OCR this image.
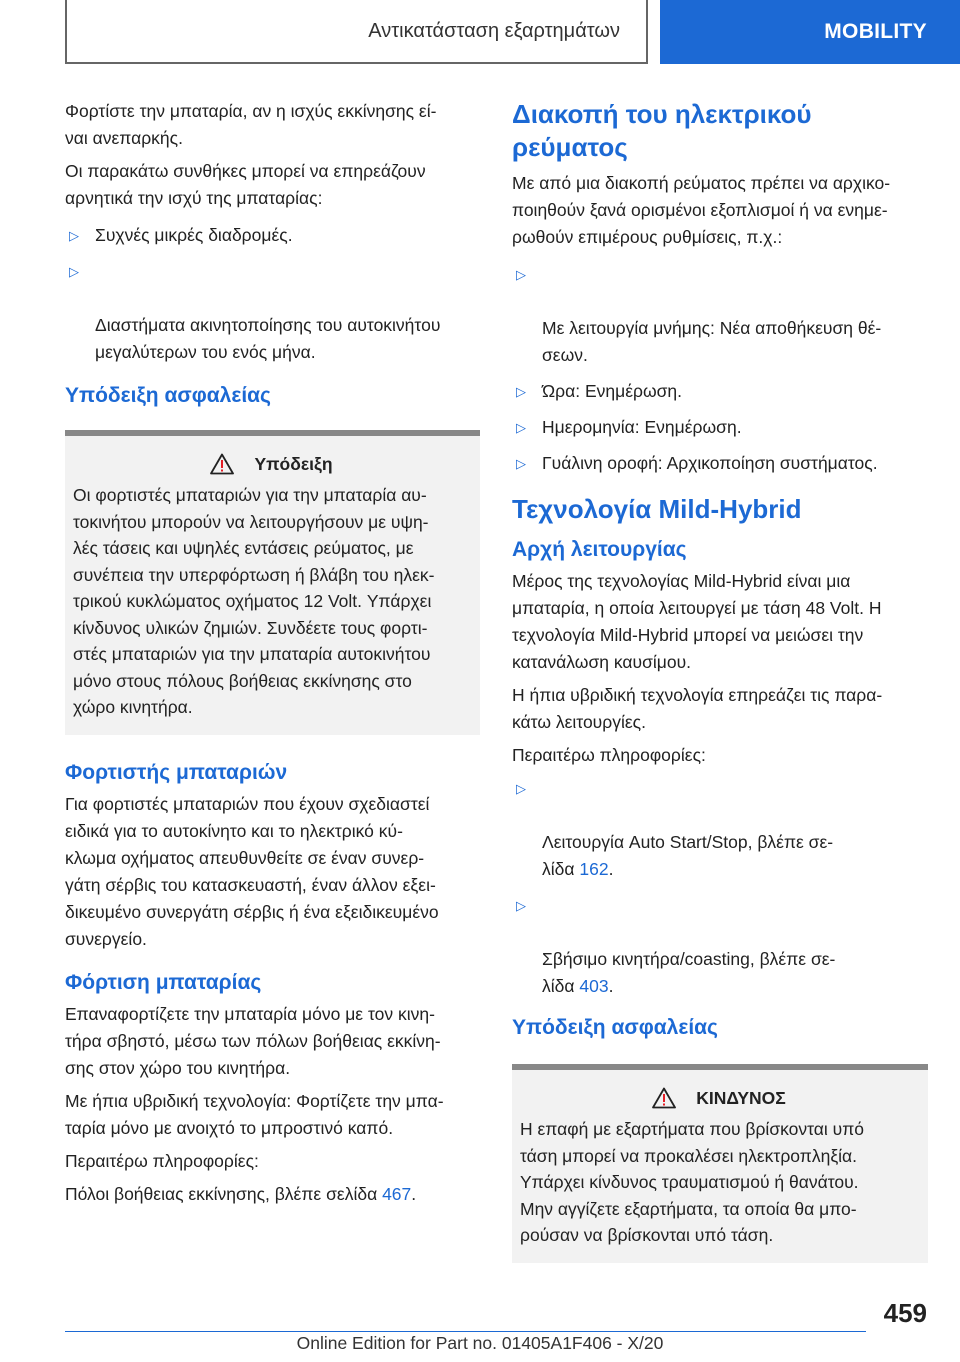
Αντικατάσταση εξαρτημάτων	MOBILITY

Φορτίστε την μπαταρία, αν η ισχύς εκκίνησης εί-
ναι ανεπαρκής.

Οι παρακάτω συνθήκες μπορεί να επηρεάζουν
αρνητικά την ισχύ της μπαταρίας:

▷ Συχνές μικρές διαδρομές.

▷

Διαστήματα ακινητοποίησης του αυτοκινήτου
μεγαλύτερων του ενός μήνα.

Υπόδειξη ασφαλείας
Υπόδειξη

Οι φορτιστές μπαταριών για την μπαταρία αυ-
τοκινήτου μπορούν να λειτουργήσουν με υψη-
λές τάσεις και υψηλές εντάσεις ρεύματος, με
συνέπεια την υπερφόρτωση ή βλάβη του ηλεκ-
τρικού κυκλώματος οχήματος 12 Volt. Υπάρχει
κίνδυνος υλικών ζημιών. Συνδέετε τους φορτι-
στές μπαταριών για την μπαταρία αυτοκινήτου
μόνο στους πόλους βοήθειας εκκίνησης στο
χώρο κινητήρα.

Φορτιστής μπαταριών

Για φορτιστές μπαταριών που έχουν σχεδιαστεί
ειδικά για το αυτοκίνητο και το ηλεκτρικό κύ-
κλωμα οχήματος απευθυνθείτε σε έναν συνερ-
γάτη σέρβις του κατασκευαστή, έναν άλλον εξει-
δικευμένο συνεργάτη σέρβις ή ένα εξειδικευμένο
συνεργείο.

Φόρτιση μπαταρίας

Επαναφορτίζετε την μπαταρία μόνο με τον κινη-
τήρα σβηστό, μέσω των πόλων βοήθειας εκκίνη-
σης στον χώρο του κινητήρα.

Με ήπια υβριδική τεχνολογία: Φορτίζετε την μπα-
ταρία μόνο με ανοιχτό το μπροστινό καπό.

Περαιτέρω πληροφορίες:

Πόλοι βοήθειας εκκίνησης, βλέπε σελίδα 467.

Διακοπή του ηλεκτρικού
ρεύματος

Με από μια διακοπή ρεύματος πρέπει να αρχικο-
ποιηθούν ξανά ορισμένοι εξοπλισμοί ή να ενημε-
ρωθούν επιμέρους ρυθμίσεις, π.χ.:

▷

Με λειτουργία μνήμης: Νέα αποθήκευση θέ-
σεων.

▷ Ώρα: Ενημέρωση.
▷ Ημερομηνία: Ενημέρωση.
▷ Γυάλινη οροφή: Αρχικοποίηση συστήματος.
Τεχνολογία Mild-Hybrid
Αρχή λειτουργίας

Μέρος της τεχνολογίας Mild-Hybrid είναι μια
μπαταρία, η οποία λειτουργεί με τάση 48 Volt. Η
τεχνολογία Mild-Hybrid μπορεί να μειώσει την
κατανάλωση καυσίμου.

Η ήπια υβριδική τεχνολογία επηρεάζει τις παρα-
κάτω λειτουργίες.

Περαιτέρω πληροφορίες:

▷

Λειτουργία Auto Start/Stop, βλέπε σε-
λίδα 162.

▷

Σβήσιμο κινητήρα/coasting, βλέπε σε-
λίδα 403.

Υπόδειξη ασφαλείας
ΚΙΝΔΥΝΟΣ

Η επαφή με εξαρτήματα που βρίσκονται υπό
τάση μπορεί να προκαλέσει ηλεκτροπληξία.
Υπάρχει κίνδυνος τραυματισμού ή θανάτου.
Μην αγγίζετε εξαρτήματα, τα οποία θα μπο-
ρούσαν να βρίσκονται υπό τάση.

459
Online Edition for Part no. 01405A1F406 - X/20
